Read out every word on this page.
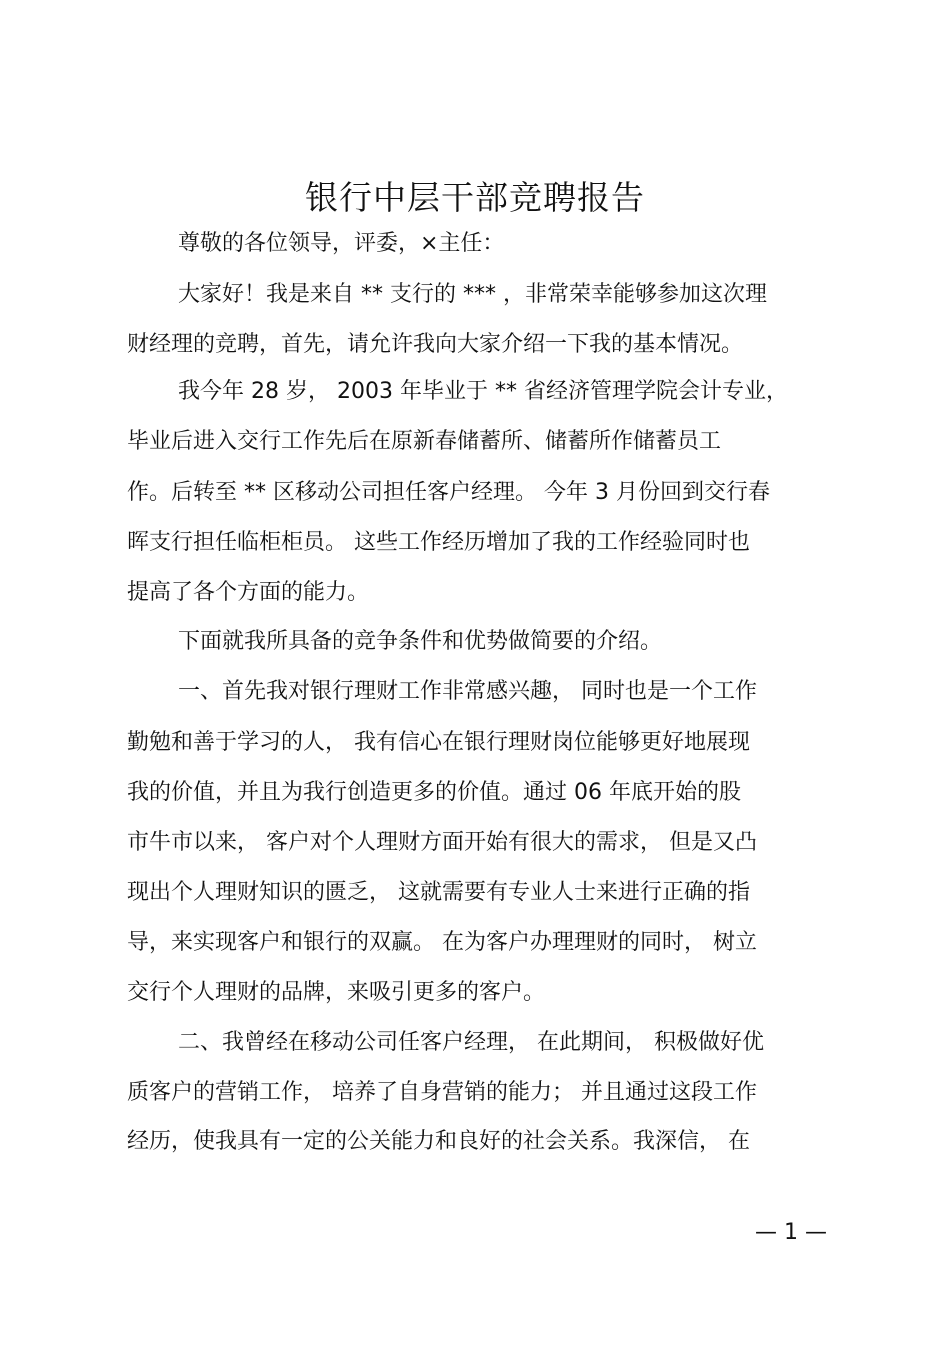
银行中层干部竞聘报告
尊敬的各位领导，评委，×主任：
大家好！我是来自 ** 支行的 *** ，非常荣幸能够参加这次理
财经理的竞聘，首先，请允许我向大家介绍一下我的基本情况。
我今年 28 岁， 2003 年毕业于 ** 省经济管理学院会计专业，
毕业后进入交行工作先后在原新春储蓄所、储蓄所作储蓄员工
作。后转至 ** 区移动公司担任客户经理。 今年 3 月份回到交行春
晖支行担任临柜柜员。 这些工作经历增加了我的工作经验同时也
提高了各个方面的能力。
下面就我所具备的竞争条件和优势做简要的介绍。
一、首先我对银行理财工作非常感兴趣， 同时也是一个工作
勤勉和善于学习的人， 我有信心在银行理财岗位能够更好地展现
我的价值，并且为我行创造更多的价值。通过 06 年底开始的股
市牛市以来， 客户对个人理财方面开始有很大的需求， 但是又凸
现出个人理财知识的匮乏， 这就需要有专业人士来进行正确的指
导，来实现客户和银行的双赢。 在为客户办理理财的同时， 树立
交行个人理财的品牌，来吸引更多的客户。
二、我曾经在移动公司任客户经理， 在此期间， 积极做好优
质客户的营销工作， 培养了自身营销的能力； 并且通过这段工作
经历，使我具有一定的公关能力和良好的社会关系。我深信， 在
— 1 —
